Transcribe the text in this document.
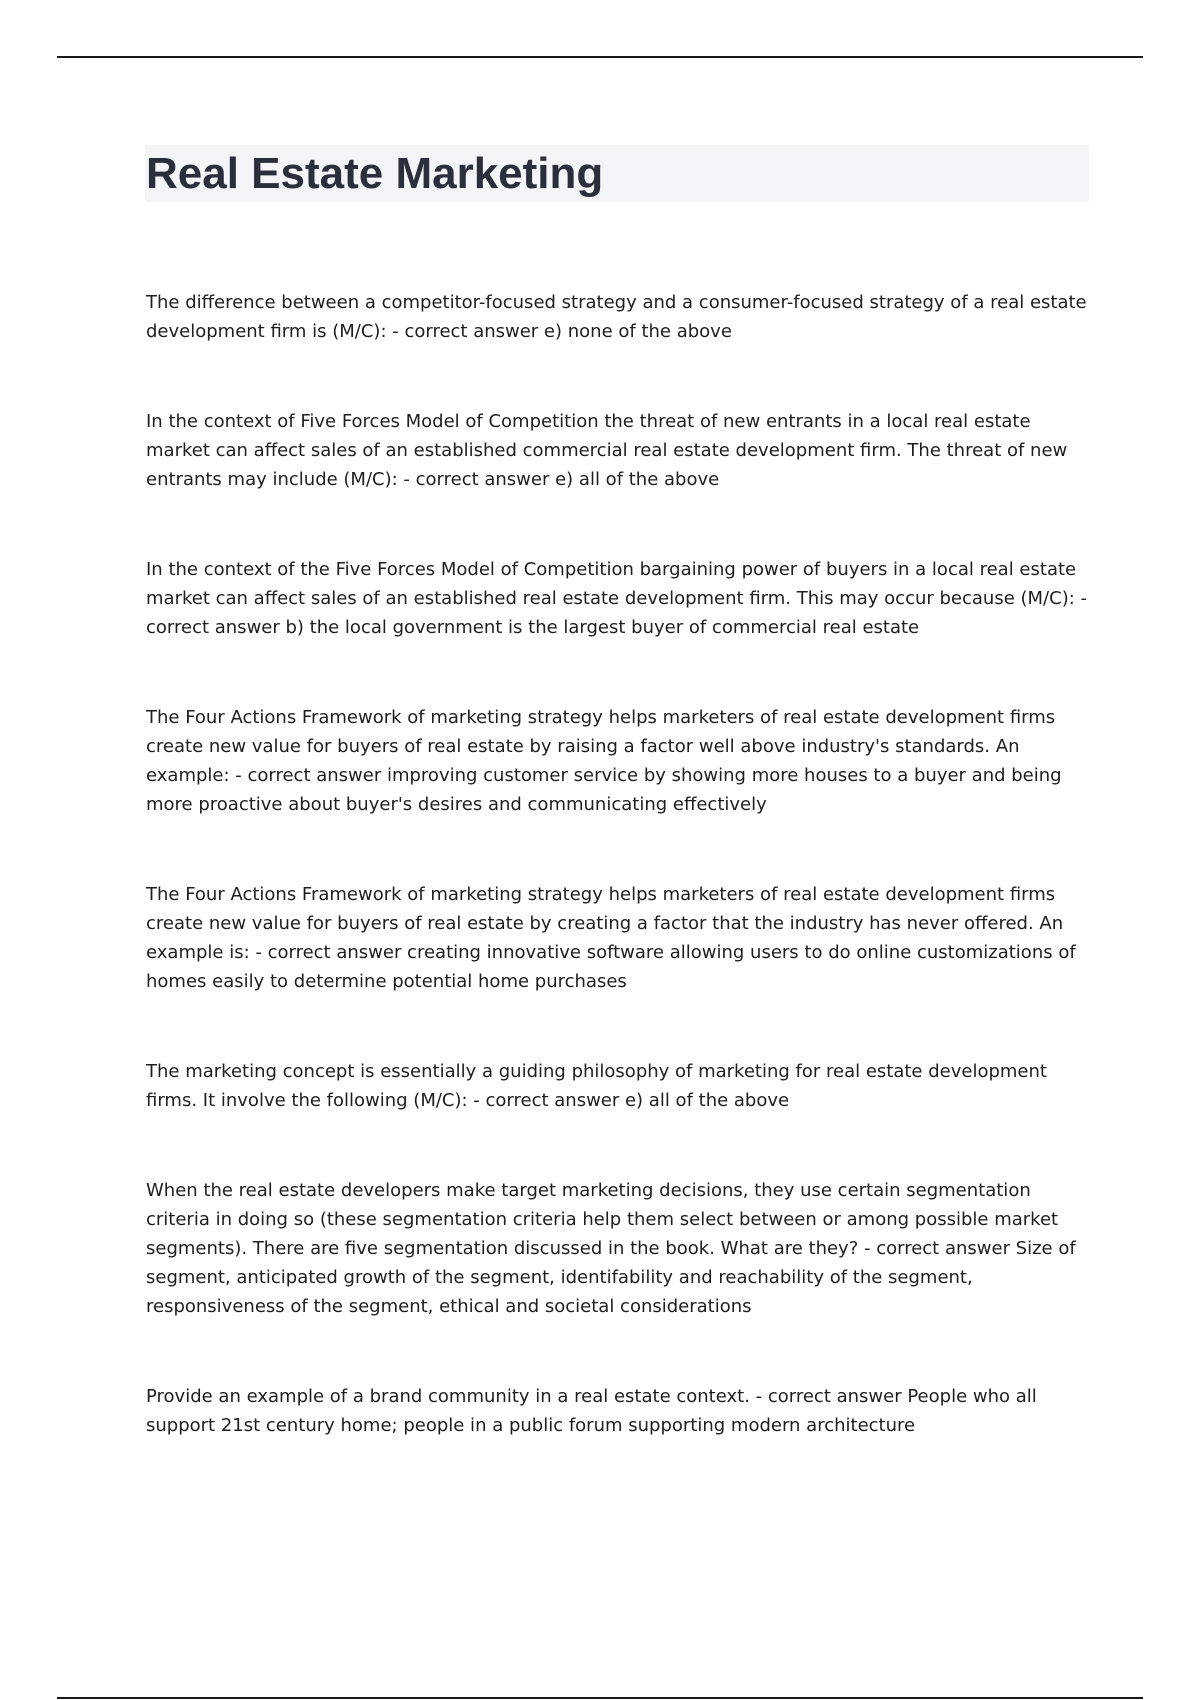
Real Estate Marketing

The difference between a competitor-focused strategy and a consumer-focused strategy of a real estate development firm is (M/C): - correct answer e) none of the above

In the context of Five Forces Model of Competition the threat of new entrants in a local real estate market can affect sales of an established commercial real estate development firm. The threat of new entrants may include (M/C): - correct answer e) all of the above

In the context of the Five Forces Model of Competition bargaining power of buyers in a local real estate market can affect sales of an established real estate development firm. This may occur because (M/C): - correct answer b) the local government is the largest buyer of commercial real estate

The Four Actions Framework of marketing strategy helps marketers of real estate development firms create new value for buyers of real estate by raising a factor well above industry's standards. An example: - correct answer improving customer service by showing more houses to a buyer and being more proactive about buyer's desires and communicating effectively

The Four Actions Framework of marketing strategy helps marketers of real estate development firms create new value for buyers of real estate by creating a factor that the industry has never offered. An example is: - correct answer creating innovative software allowing users to do online customizations of homes easily to determine potential home purchases

The marketing concept is essentially a guiding philosophy of marketing for real estate development firms. It involve the following (M/C): - correct answer e) all of the above

When the real estate developers make target marketing decisions, they use certain segmentation criteria in doing so (these segmentation criteria help them select between or among possible market segments). There are five segmentation discussed in the book. What are they? - correct answer Size of segment, anticipated growth of the segment, identifability and reachability of the segment, responsiveness of the segment, ethical and societal considerations

Provide an example of a brand community in a real estate context. - correct answer People who all support 21st century home; people in a public forum supporting modern architecture
